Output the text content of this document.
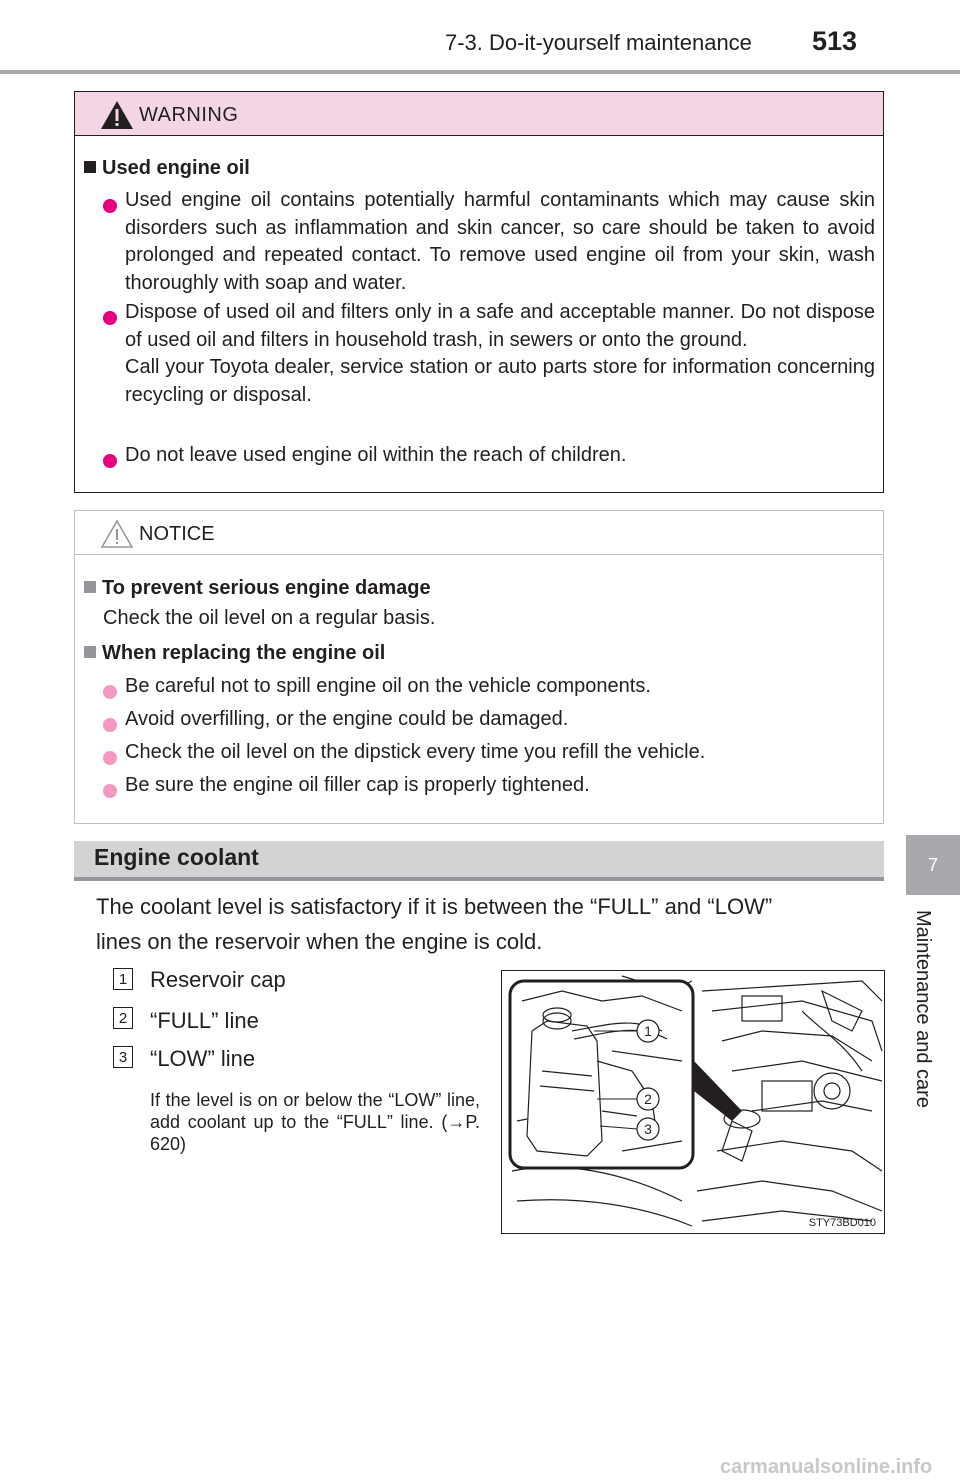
7-3. Do-it-yourself maintenance 513
7
Maintenance and care
WARNING
Used engine oil
Used engine oil contains potentially harmful contaminants which may cause skin disorders such as inflammation and skin cancer, so care should be taken to avoid prolonged and repeated contact. To remove used engine oil from your skin, wash thoroughly with soap and water.
Dispose of used oil and filters only in a safe and acceptable manner. Do not dispose of used oil and filters in household trash, in sewers or onto the ground.
Call your Toyota dealer, service station or auto parts store for information concerning recycling or disposal.
Do not leave used engine oil within the reach of children.
NOTICE
To prevent serious engine damage
Check the oil level on a regular basis.
When replacing the engine oil
Be careful not to spill engine oil on the vehicle components.
Avoid overfilling, or the engine could be damaged.
Check the oil level on the dipstick every time you refill the vehicle.
Be sure the engine oil filler cap is properly tightened.
Engine coolant
The coolant level is satisfactory if it is between the “FULL” and “LOW”
lines on the reservoir when the engine is cold.
1 Reservoir cap
2 “FULL” line
3 “LOW” line
If the level is on or below the “LOW” line, add coolant up to the “FULL” line. (→P. 620)
1
2
3
STY73BD010
carmanualsonline.info
